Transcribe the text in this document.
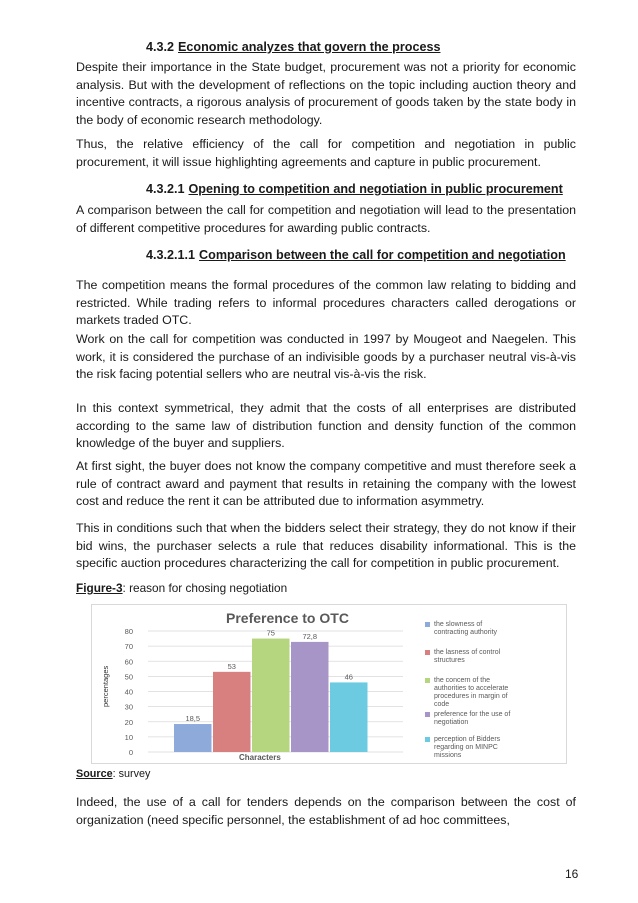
4.3.2 Economic analyzes that govern the process

Despite their importance in the State budget, procurement was not a priority for economic analysis. But with the development of reflections on the topic including auction theory and incentive contracts, a rigorous analysis of procurement of goods taken by the state body in the body of economic research methodology.

Thus, the relative efficiency of the call for competition and negotiation in public procurement, it will issue highlighting agreements and capture in public procurement.

4.3.2.1 Opening to competition and negotiation in public procurement

A comparison between the call for competition and negotiation will lead to the presentation of different competitive procedures for awarding public contracts.

4.3.2.1.1 Comparison between the call for competition and negotiation

The competition means the formal procedures of the common law relating to bidding and restricted. While trading refers to informal procedures characters called derogations or markets traded OTC.

Work on the call for competition was conducted in 1997 by Mougeot and Naegelen. This work, it is considered the purchase of an indivisible goods by a purchaser neutral vis-à-vis the risk facing potential sellers who are neutral vis-à-vis the risk.

In this context symmetrical, they admit that the costs of all enterprises are distributed according to the same law of distribution function and density function of the common knowledge of the buyer and suppliers.

At first sight, the buyer does not know the company competitive and must therefore seek a rule of contract award and payment that results in retaining the company with the lowest cost and reduce the rent it can be attributed due to information asymmetry.

This in conditions such that when the bidders select their strategy, they do not know if their bid wins, the purchaser selects a rule that reduces disability informational. This is the specific auction procedures characterizing the call for competition in public procurement.

Figure-3: reason for chosing negotiation
Preference to OTC
0
10
20
30
40
50
60
70
80
18,5
53
75	72,8
46
Characters
percentages
the slowness of contracting authority
the lasness of control structures
the concern of the authorities to accelerate procedures in margin of code
preference for the use of negotiation
perception of Bidders regarding on MINPC missions
Source: survey

Indeed, the use of a call for tenders depends on the comparison between the cost of organization (need specific personnel, the establishment of ad hoc committees,

16
